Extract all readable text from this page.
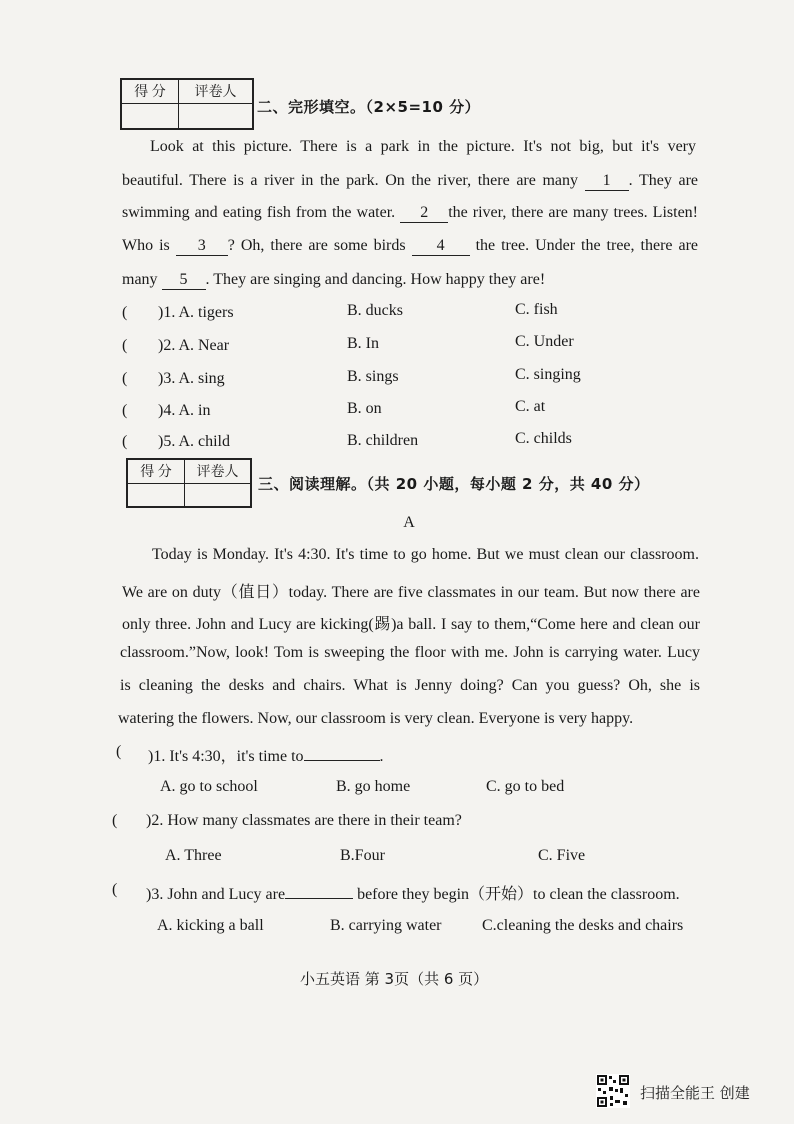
得 分	评卷人

二、完形填空。（2×5=10 分）
Look at this picture. There is a park in the picture. It's not big, but it's very
beautiful. There is a river in the park. On the river, there are many 1 . They are
swimming and eating fish from the water. 2 the river, there are many trees. Listen!
Who is 3 ? Oh, there are some birds 4 the tree. Under the tree, there are
many 5 . They are singing and dancing. How happy they are!
( )1. A. tigers	B. ducks	C. fish
( )2. A. Near	B. In	C. Under
( )3. A. sing	B. sings	C. singing
( )4. A. in	B. on	C. at
( )5. A. child	B. children	C. childs
得 分	评卷人

三、阅读理解。（共 20 小题，每小题 2 分，共 40 分）
A
Today is Monday. It's 4:30. It's time to go home. But we must clean our classroom.
We are on duty（值日）today. There are five classmates in our team. But now there are
only three. John and Lucy are kicking(踢)a ball. I say to them,“Come here and clean our
classroom.”Now, look! Tom is sweeping the floor with me. John is carrying water. Lucy
is cleaning the desks and chairs. What is Jenny doing? Can you guess? Oh, she is
watering the flowers. Now, our classroom is very clean. Everyone is very happy.
( )1. It's 4:30，it's time to	.
A. go to school	B. go home	C. go to bed
( )2. How many classmates are there in their team?
A. Three	B.Four	C. Five
( )3. John and Lucy are	before they begin（开始）to clean the classroom.
A. kicking a ball	B. carrying water	C.cleaning the desks and chairs
小五英语 第 3页（共 6 页）
扫描全能王 创建
